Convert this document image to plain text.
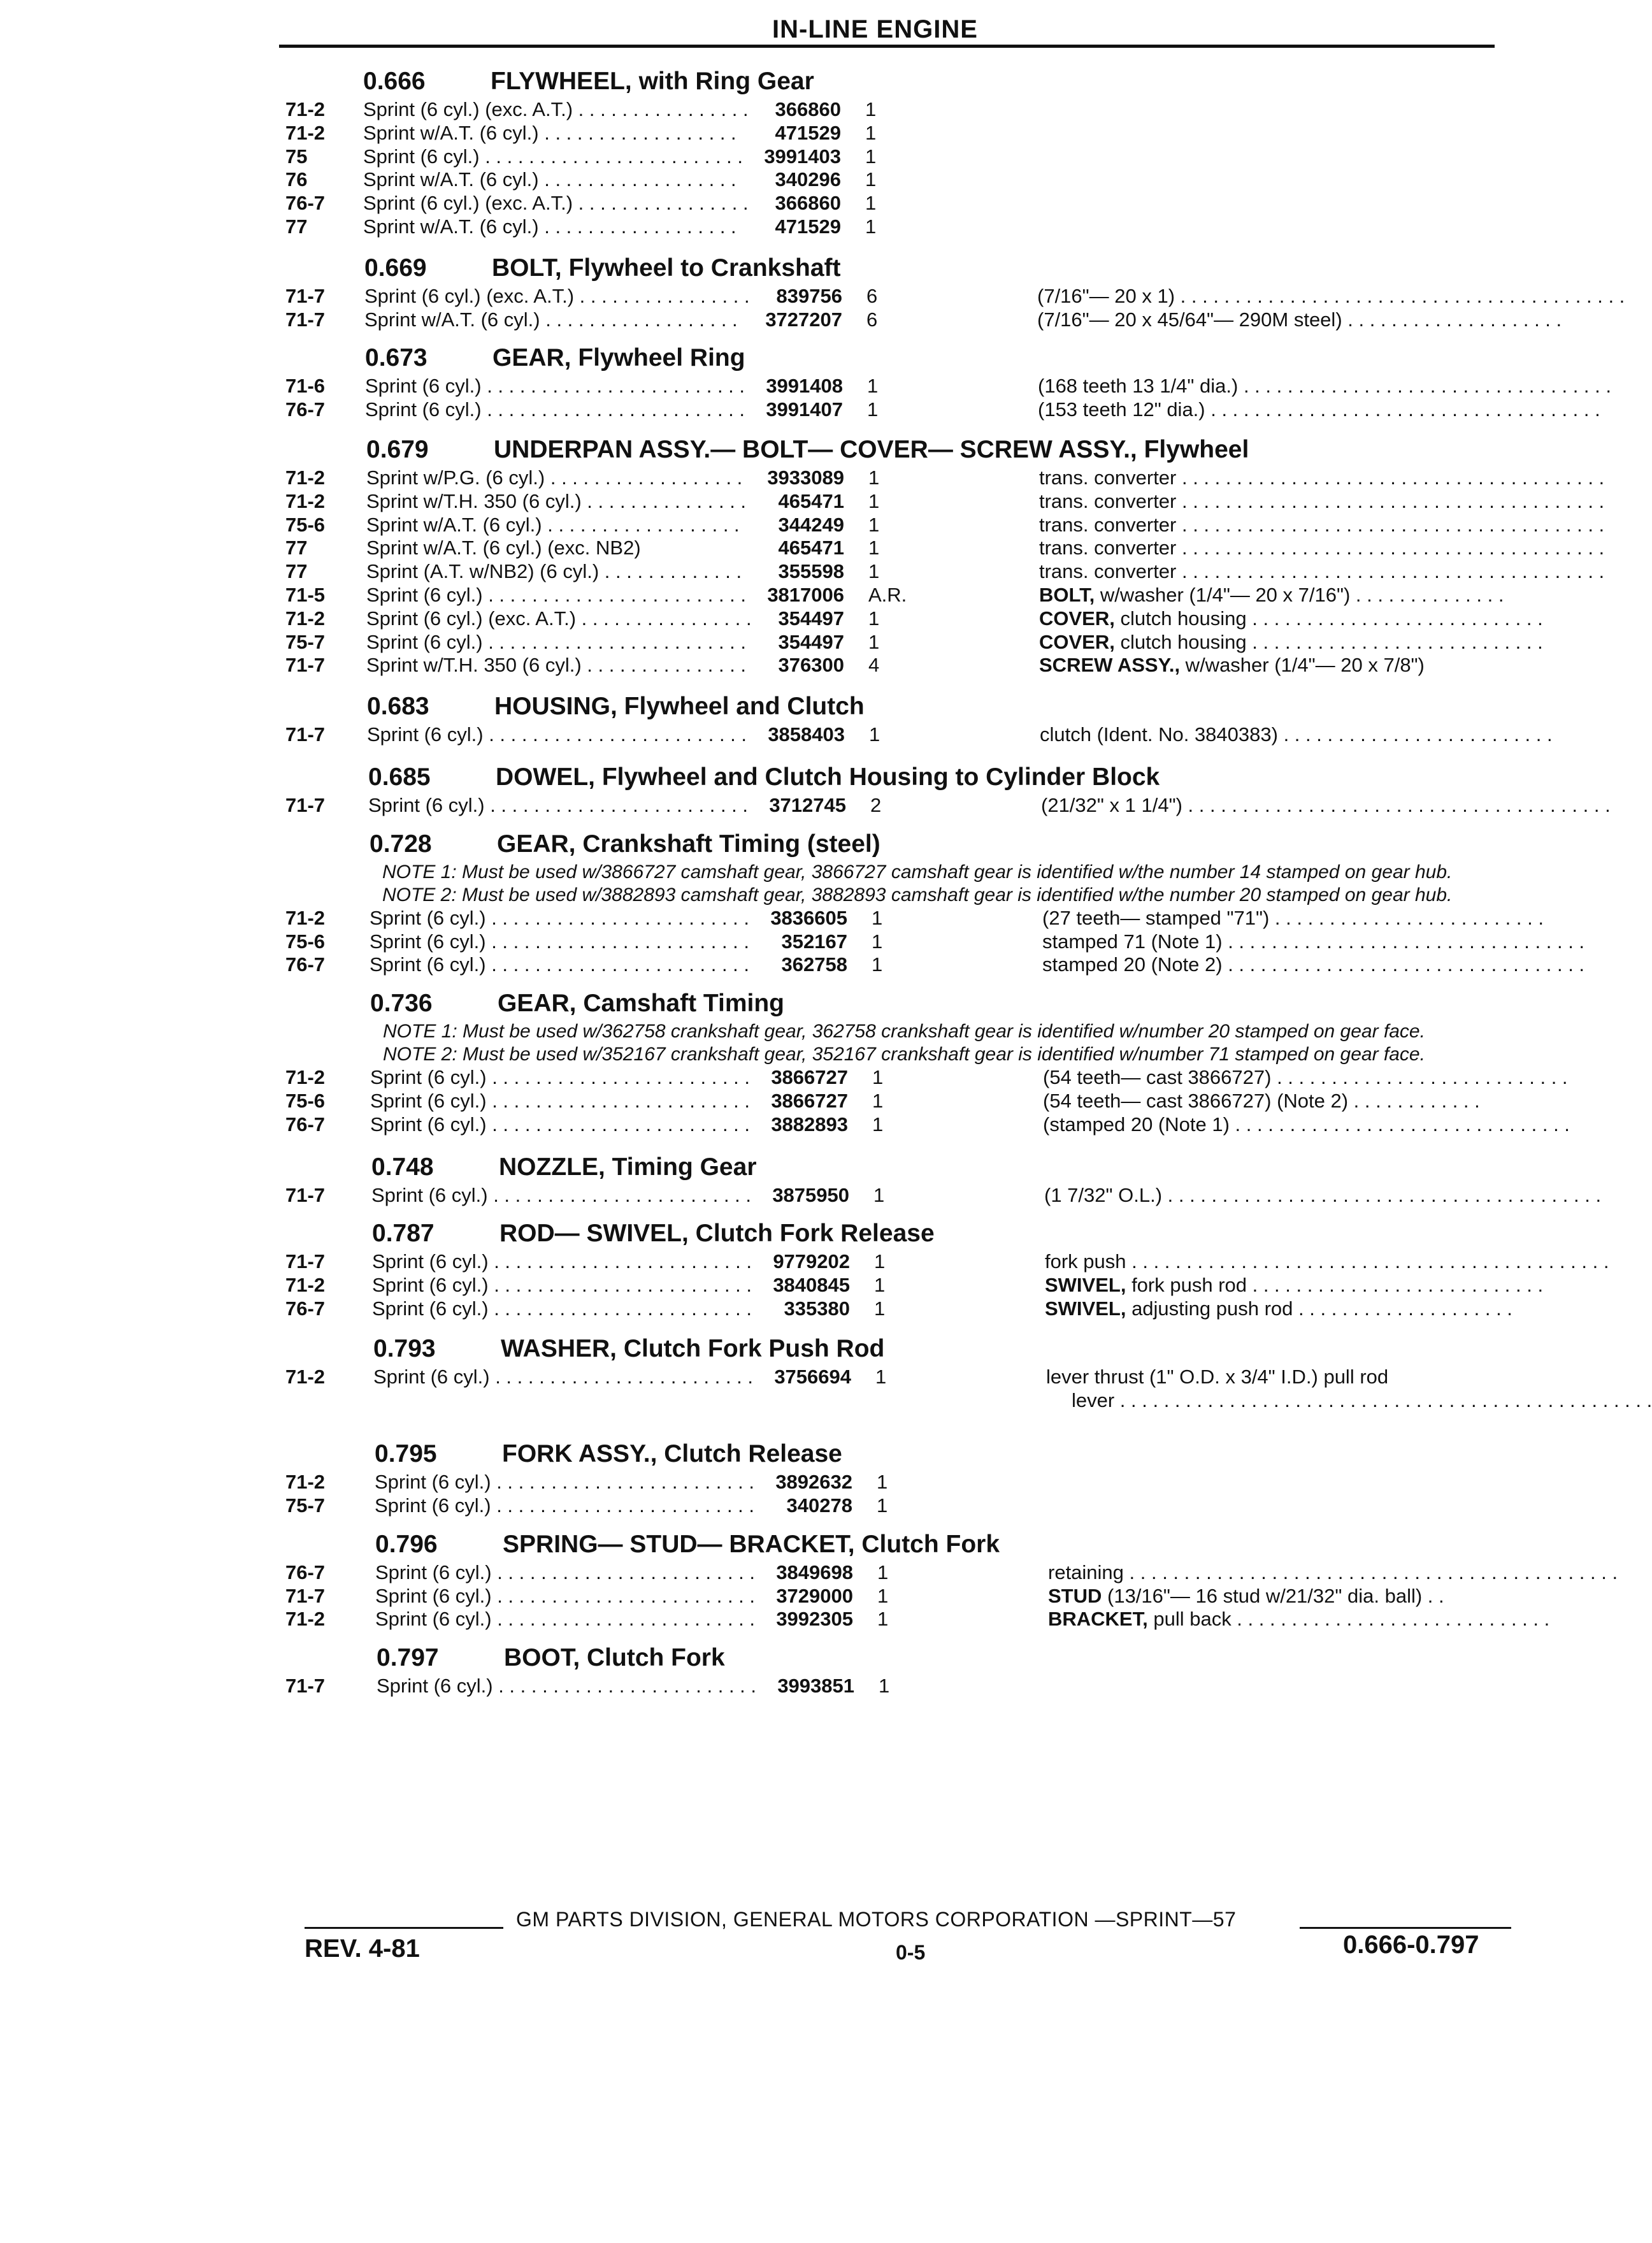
IN-LINE ENGINE
0.666	FLYWHEEL, with Ring Gear
71-2 Sprint (6 cyl.) (exc. A.T.) . . . . . . . . . . . . . . . .	366860 1
71-2 Sprint w/A.T. (6 cyl.) . . . . . . . . . . . . . . . . . .	471529 1
75	Sprint (6 cyl.) . . . . . . . . . . . . . . . . . . . . . . . .	3991403 1
76	Sprint w/A.T. (6 cyl.) . . . . . . . . . . . . . . . . . .	340296 1
76-7 Sprint (6 cyl.) (exc. A.T.) . . . . . . . . . . . . . . . .	366860 1
77	Sprint w/A.T. (6 cyl.) . . . . . . . . . . . . . . . . . .	471529 1
0.669	BOLT, Flywheel to Crankshaft
71-7 Sprint (6 cyl.) (exc. A.T.) . . . . . . . . . . . . . . . .	839756 6	(7/16"— 20 x 1) . . . . . . . . . . . . . . . . . . . . . . . . . . . . . . . . . . . . . . . . .
71-7 Sprint w/A.T. (6 cyl.) . . . . . . . . . . . . . . . . . .	3727207 6	(7/16"— 20 x 45/64"— 290M steel) . . . . . . . . . . . . . . . . . . . .
0.673	GEAR, Flywheel Ring
71-6 Sprint (6 cyl.) . . . . . . . . . . . . . . . . . . . . . . . .	3991408 1	(168 teeth 13 1/4" dia.) . . . . . . . . . . . . . . . . . . . . . . . . . . . . . . . . . .
76-7 Sprint (6 cyl.) . . . . . . . . . . . . . . . . . . . . . . . .	3991407 1	(153 teeth 12" dia.) . . . . . . . . . . . . . . . . . . . . . . . . . . . . . . . . . . . .
0.679	UNDERPAN ASSY.— BOLT— COVER— SCREW ASSY., Flywheel
71-2 Sprint w/P.G. (6 cyl.) . . . . . . . . . . . . . . . . . .	3933089 1	trans. converter . . . . . . . . . . . . . . . . . . . . . . . . . . . . . . . . . . . . . . .
71-2 Sprint w/T.H. 350 (6 cyl.) . . . . . . . . . . . . . . .	465471 1	trans. converter . . . . . . . . . . . . . . . . . . . . . . . . . . . . . . . . . . . . . . .
75-6 Sprint w/A.T. (6 cyl.) . . . . . . . . . . . . . . . . . .	344249 1	trans. converter . . . . . . . . . . . . . . . . . . . . . . . . . . . . . . . . . . . . . . .
77	Sprint w/A.T. (6 cyl.) (exc. NB2)	465471 1	trans. converter . . . . . . . . . . . . . . . . . . . . . . . . . . . . . . . . . . . . . . .
77	Sprint (A.T. w/NB2) (6 cyl.) . . . . . . . . . . . . .	355598 1	trans. converter . . . . . . . . . . . . . . . . . . . . . . . . . . . . . . . . . . . . . . .
71-5 Sprint (6 cyl.) . . . . . . . . . . . . . . . . . . . . . . . .	3817006 A.R.	BOLT, w/washer (1/4"— 20 x 7/16") . . . . . . . . . . . . . .
71-2 Sprint (6 cyl.) (exc. A.T.) . . . . . . . . . . . . . . . .	354497 1	COVER, clutch housing . . . . . . . . . . . . . . . . . . . . . . . . . . .
75-7 Sprint (6 cyl.) . . . . . . . . . . . . . . . . . . . . . . . .	354497 1	COVER, clutch housing . . . . . . . . . . . . . . . . . . . . . . . . . . .
71-7 Sprint w/T.H. 350 (6 cyl.) . . . . . . . . . . . . . . .	376300 4	SCREW ASSY., w/washer (1/4"— 20 x 7/8")
0.683	HOUSING, Flywheel and Clutch
71-7 Sprint (6 cyl.) . . . . . . . . . . . . . . . . . . . . . . . .	3858403 1	clutch (Ident. No. 3840383) . . . . . . . . . . . . . . . . . . . . . . . . .
0.685	DOWEL, Flywheel and Clutch Housing to Cylinder Block
71-7 Sprint (6 cyl.) . . . . . . . . . . . . . . . . . . . . . . . .	3712745 2	(21/32" x 1 1/4") . . . . . . . . . . . . . . . . . . . . . . . . . . . . . . . . . . . . . . .
0.728	GEAR, Crankshaft Timing (steel)
NOTE 1: Must be used w/3866727 camshaft gear, 3866727 camshaft gear is identified w/the number 14 stamped on gear hub.
NOTE 2: Must be used w/3882893 camshaft gear, 3882893 camshaft gear is identified w/the number 20 stamped on gear hub.
71-2 Sprint (6 cyl.) . . . . . . . . . . . . . . . . . . . . . . . .	3836605 1	(27 teeth— stamped "71") . . . . . . . . . . . . . . . . . . . . . . . . .
75-6 Sprint (6 cyl.) . . . . . . . . . . . . . . . . . . . . . . . .	352167 1	stamped 71 (Note 1) . . . . . . . . . . . . . . . . . . . . . . . . . . . . . . . . .
76-7 Sprint (6 cyl.) . . . . . . . . . . . . . . . . . . . . . . . .	362758 1	stamped 20 (Note 2) . . . . . . . . . . . . . . . . . . . . . . . . . . . . . . . . .
0.736	GEAR, Camshaft Timing
NOTE 1: Must be used w/362758 crankshaft gear, 362758 crankshaft gear is identified w/number 20 stamped on gear face.
NOTE 2: Must be used w/352167 crankshaft gear, 352167 crankshaft gear is identified w/number 71 stamped on gear face.
71-2 Sprint (6 cyl.) . . . . . . . . . . . . . . . . . . . . . . . .	3866727 1	(54 teeth— cast 3866727) . . . . . . . . . . . . . . . . . . . . . . . . . . .
75-6 Sprint (6 cyl.) . . . . . . . . . . . . . . . . . . . . . . . .	3866727 1	(54 teeth— cast 3866727) (Note 2) . . . . . . . . . . . .
76-7 Sprint (6 cyl.) . . . . . . . . . . . . . . . . . . . . . . . .	3882893 1	(stamped 20 (Note 1) . . . . . . . . . . . . . . . . . . . . . . . . . . . . . . .
0.748	NOZZLE, Timing Gear
71-7 Sprint (6 cyl.) . . . . . . . . . . . . . . . . . . . . . . . .	3875950 1	(1 7/32" O.L.) . . . . . . . . . . . . . . . . . . . . . . . . . . . . . . . . . . . . . . . .
0.787	ROD— SWIVEL, Clutch Fork Release
71-7 Sprint (6 cyl.) . . . . . . . . . . . . . . . . . . . . . . . .	9779202 1	fork push . . . . . . . . . . . . . . . . . . . . . . . . . . . . . . . . . . . . . . . . . . . .
71-2 Sprint (6 cyl.) . . . . . . . . . . . . . . . . . . . . . . . .	3840845 1	SWIVEL, fork push rod . . . . . . . . . . . . . . . . . . . . . . . . . . .
76-7 Sprint (6 cyl.) . . . . . . . . . . . . . . . . . . . . . . . .	335380 1	SWIVEL, adjusting push rod . . . . . . . . . . . . . . . . . . . .
0.793	WASHER, Clutch Fork Push Rod
71-2 Sprint (6 cyl.) . . . . . . . . . . . . . . . . . . . . . . . .	3756694 1	lever thrust (1" O.D. x 3/4" I.D.) pull rod
lever . . . . . . . . . . . . . . . . . . . . . . . . . . . . . . . . . . . . . . . . . . . . . . . . .
0.795	FORK ASSY., Clutch Release
71-2	Sprint (6 cyl.) . . . . . . . . . . . . . . . . . . . . . . . .	3892632 1
75-7	Sprint (6 cyl.) . . . . . . . . . . . . . . . . . . . . . . . .	340278 1
0.796	SPRING— STUD— BRACKET, Clutch Fork
76-7	Sprint (6 cyl.) . . . . . . . . . . . . . . . . . . . . . . . .	3849698 1	retaining . . . . . . . . . . . . . . . . . . . . . . . . . . . . . . . . . . . . . . . . . . . . .
71-7	Sprint (6 cyl.) . . . . . . . . . . . . . . . . . . . . . . . .	3729000 1	STUD (13/16"— 16 stud w/21/32" dia. ball) . .
71-2	Sprint (6 cyl.) . . . . . . . . . . . . . . . . . . . . . . . .	3992305 1	BRACKET, pull back . . . . . . . . . . . . . . . . . . . . . . . . . . . . .
0.797	BOOT, Clutch Fork
71-7	Sprint (6 cyl.) . . . . . . . . . . . . . . . . . . . . . . . .	3993851 1
GM PARTS DIVISION, GENERAL MOTORS CORPORATION —SPRINT—57
REV. 4-81	0-5	0.666-0.797
